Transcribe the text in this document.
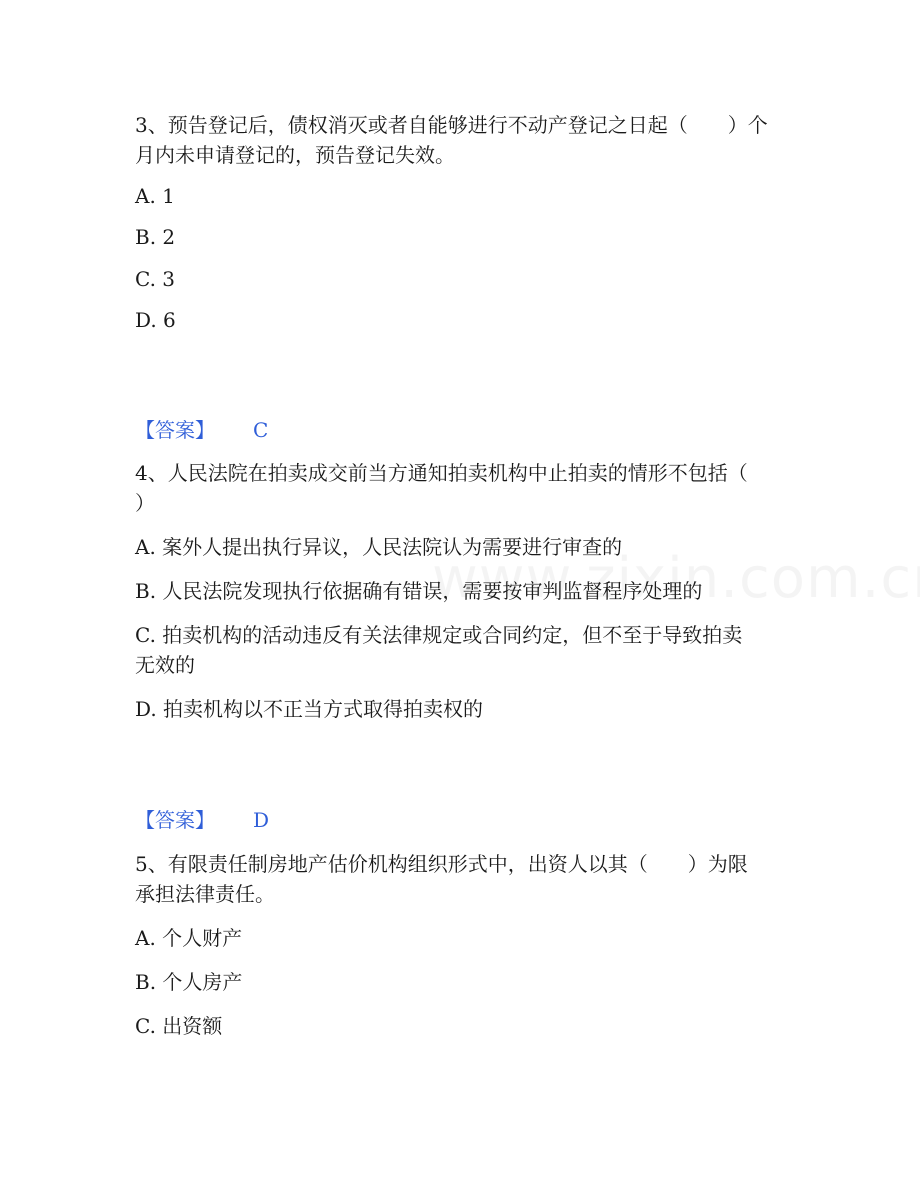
3、预告登记后，债权消灭或者自能够进行不动产登记之日起（　　）个
月内未申请登记的，预告登记失效。
A. 1
B. 2
C. 3
D. 6
【答案】 C
4、人民法院在拍卖成交前当方通知拍卖机构中止拍卖的情形不包括（
）
A. 案外人提出执行异议，人民法院认为需要进行审查的
B. 人民法院发现执行依据确有错误，需要按审判监督程序处理的
C. 拍卖机构的活动违反有关法律规定或合同约定，但不至于导致拍卖
无效的
D. 拍卖机构以不正当方式取得拍卖权的
【答案】 D
5、有限责任制房地产估价机构组织形式中，出资人以其（　　）为限
承担法律责任。
A. 个人财产
B. 个人房产
C. 出资额
